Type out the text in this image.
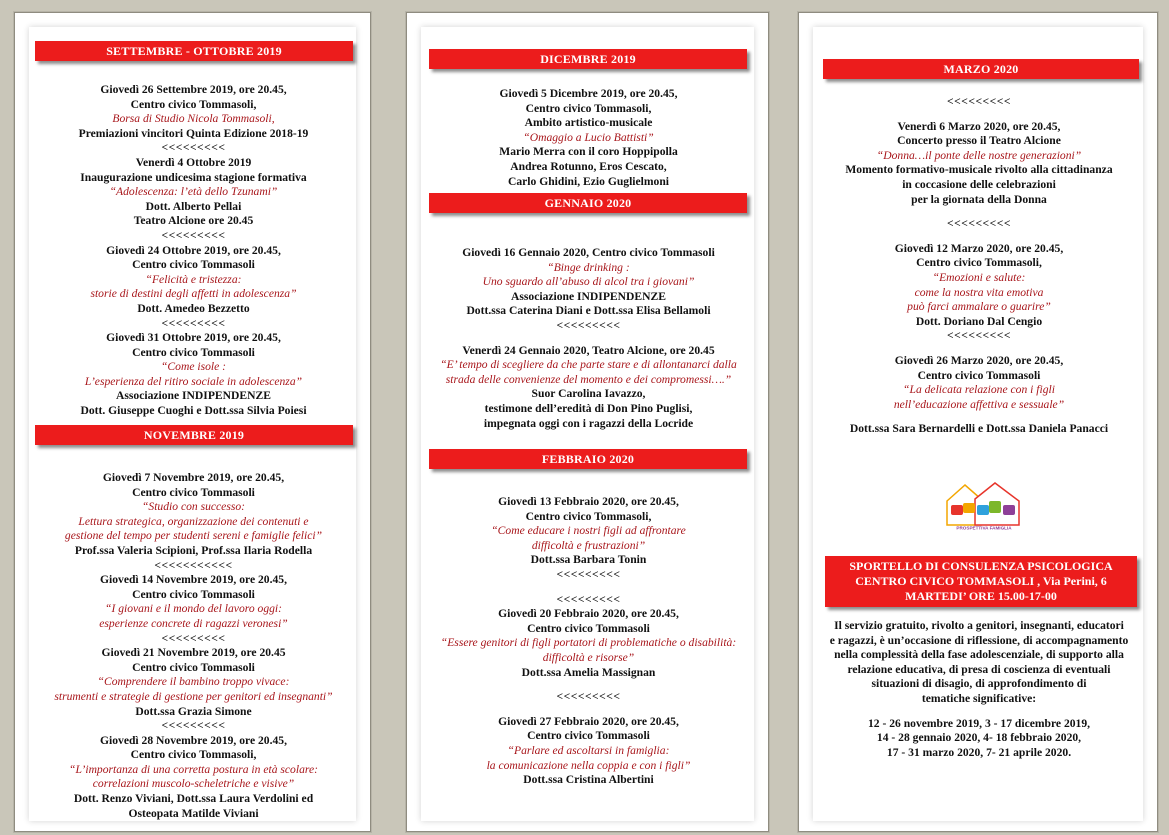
SETTEMBRE - OTTOBRE 2019
Giovedì 26 Settembre 2019, ore 20.45,
Centro civico Tommasoli,
Borsa di Studio Nicola Tommasoli,
Premiazioni vincitori Quinta Edizione 2018-19
<<<<<<<<<
Venerdì 4 Ottobre 2019
Inaugurazione undicesima stagione formativa
“Adolescenza: l’età dello Tzunami”
Dott. Alberto Pellai
Teatro Alcione ore 20.45
<<<<<<<<<
Giovedì 24 Ottobre 2019, ore 20.45,
Centro civico Tommasoli
“Felicità e tristezza:
storie di destini degli affetti in adolescenza”
Dott. Amedeo Bezzetto
<<<<<<<<<
Giovedì 31 Ottobre 2019, ore 20.45,
Centro civico Tommasoli
“Come isole :
L’esperienza del ritiro sociale in adolescenza”
Associazione INDIPENDENZE
Dott. Giuseppe Cuoghi e Dott.ssa Silvia Poiesi
NOVEMBRE 2019
Giovedì 7 Novembre 2019, ore 20.45,
Centro civico Tommasoli
“Studio con successo:
Lettura strategica, organizzazione dei contenuti e
gestione del tempo per studenti sereni e famiglie felici”
Prof.ssa Valeria Scipioni, Prof.ssa Ilaria Rodella
<<<<<<<<<<<
Giovedì 14 Novembre 2019, ore 20.45,
Centro civico Tommasoli
“I giovani e il mondo del lavoro oggi:
esperienze concrete di ragazzi veronesi”
<<<<<<<<<
Giovedì 21 Novembre 2019, ore 20.45
Centro civico Tommasoli
“Comprendere il bambino troppo vivace:
strumenti e strategie di gestione per genitori ed insegnanti”
Dott.ssa Grazia Simone
<<<<<<<<<
Giovedì 28 Novembre 2019, ore 20.45,
Centro civico Tommasoli,
“L’importanza di una corretta postura in età scolare:
correlazioni muscolo-scheletriche e visive”
Dott. Renzo Viviani, Dott.ssa Laura Verdolini ed
Osteopata Matilde Viviani
DICEMBRE 2019
Giovedì 5 Dicembre 2019, ore 20.45,
Centro civico Tommasoli,
Ambito artistico-musicale
“Omaggio a Lucio Battisti”
Mario Merra con il coro Hoppipolla
Andrea Rotunno, Eros Cescato,
Carlo Ghidini, Ezio Guglielmoni
GENNAIO 2020
Giovedì 16 Gennaio 2020, Centro civico Tommasoli
“Binge drinking :
Uno sguardo all’abuso di alcol tra i giovani”
Associazione INDIPENDENZE
Dott.ssa Caterina Diani e Dott.ssa Elisa Bellamoli
<<<<<<<<<
Venerdì 24 Gennaio 2020, Teatro Alcione, ore 20.45
“E’ tempo di scegliere da che parte stare e di allontanarci dalla
strada delle convenienze del momento e dei compromessi….”
Suor Carolina Iavazzo,
testimone dell’eredità di Don Pino Puglisi,
impegnata oggi con i ragazzi della Locride
FEBBRAIO 2020
Giovedì 13 Febbraio 2020, ore 20.45,
Centro civico Tommasoli,
“Come educare i nostri figli ad affrontare
difficoltà e frustrazioni”
Dott.ssa Barbara Tonin
<<<<<<<<<
<<<<<<<<<
Giovedì 20 Febbraio 2020, ore 20.45,
Centro civico Tommasoli
“Essere genitori di figli portatori di problematiche o disabilità:
difficoltà e risorse”
Dott.ssa Amelia Massignan
<<<<<<<<<
Giovedì 27 Febbraio 2020, ore 20.45,
Centro civico Tommasoli
“Parlare ed ascoltarsi in famiglia:
la comunicazione nella coppia e con i figli”
Dott.ssa Cristina Albertini
MARZO 2020
<<<<<<<<<
Venerdì 6 Marzo 2020, ore 20.45,
Concerto presso il Teatro Alcione
“Donna…il ponte delle nostre generazioni”
Momento formativo-musicale rivolto alla cittadinanza
in coccasione delle celebrazioni
per la giornata della Donna
<<<<<<<<<
Giovedì 12 Marzo 2020, ore 20.45,
Centro civico Tommasoli,
“Emozioni e salute:
come la nostra vita emotiva
può farci ammalare o guarire”
Dott. Doriano Dal Cengio
<<<<<<<<<
Giovedì 26 Marzo 2020, ore 20.45,
Centro civico Tommasoli
“La delicata relazione con i figli
nell’educazione affettiva e sessuale”
Dott.ssa Sara Bernardelli e Dott.ssa Daniela Panacci
PROSPETTIVA FAMIGLIA
SPORTELLO DI CONSULENZA PSICOLOGICA
CENTRO CIVICO TOMMASOLI , Via Perini, 6
MARTEDI’ ORE 15.00-17-00
Il servizio gratuito, rivolto a genitori, insegnanti, educatori
e ragazzi, è un’occasione di riflessione, di accompagnamento
nella complessità della fase adolescenziale, di supporto alla
relazione educativa, di presa di coscienza di eventuali
situazioni di disagio, di approfondimento di
tematiche significative:
12 - 26 novembre 2019, 3 - 17 dicembre 2019,
14 - 28 gennaio 2020, 4- 18 febbraio 2020,
17 - 31 marzo 2020, 7- 21 aprile 2020.
